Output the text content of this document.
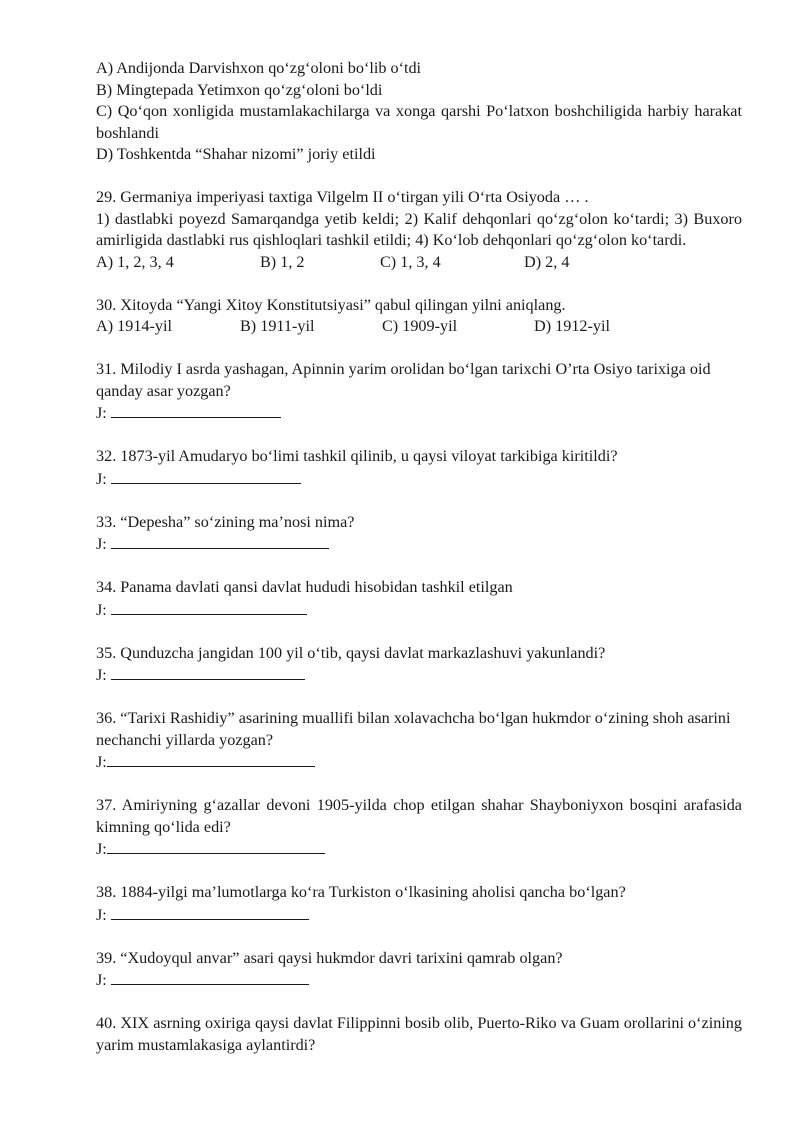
A) Andijonda Darvishxon qo‘zg‘oloni bo‘lib o‘tdi
B) Mingtepada Yetimxon qo‘zg‘oloni bo‘ldi
C) Qo‘qon xonligida mustamlakachilarga va xonga qarshi Po‘latxon boshchiligida harbiy harakat boshlandi
D) Toshkentda “Shahar nizomi” joriy etildi
29. Germaniya imperiyasi taxtiga Vilgelm II o‘tirgan yili O‘rta Osiyoda … .
1) dastlabki poyezd Samarqandga yetib keldi; 2) Kalif dehqonlari qo‘zg‘olon ko‘tardi; 3) Buxoro amirligida dastlabki rus qishloqlari tashkil etildi; 4) Ko‘lob dehqonlari qo‘zg‘olon ko‘tardi.
A) 1, 2, 3, 4	B) 1, 2	C) 1, 3, 4	D) 2, 4
30. Xitoyda “Yangi Xitoy Konstitutsiyasi” qabul qilingan yilni aniqlang.
A) 1914-yil	B) 1911-yil	C) 1909-yil	D) 1912-yil
31. Milodiy I asrda yashagan, Apinnin yarim orolidan bo‘lgan tarixchi O’rta Osiyo tarixiga oid qanday asar yozgan?
J:
32. 1873-yil Amudaryo bo‘limi tashkil qilinib, u qaysi viloyat tarkibiga kiritildi?
J:
33. “Depesha” so‘zining ma’nosi nima?
J:
34. Panama davlati qansi davlat hududi hisobidan tashkil etilgan
J:
35. Qunduzcha jangidan 100 yil o‘tib, qaysi davlat markazlashuvi yakunlandi?
J:
36. “Tarixi Rashidiy” asarining muallifi bilan xolavachcha bo‘lgan hukmdor o‘zining shoh asarini nechanchi yillarda yozgan?
J:
37. Amiriyning g‘azallar devoni 1905-yilda chop etilgan shahar Shayboniyxon bosqini arafasida kimning qo‘lida edi?
J:
38. 1884-yilgi ma’lumotlarga ko‘ra Turkiston o‘lkasining aholisi qancha bo‘lgan?
J:
39. “Xudoyqul anvar” asari qaysi hukmdor davri tarixini qamrab olgan?
J:
40. XIX asrning oxiriga qaysi davlat Filippinni bosib olib, Puerto-Riko va Guam orollarini o‘zining yarim mustamlakasiga aylantirdi?
